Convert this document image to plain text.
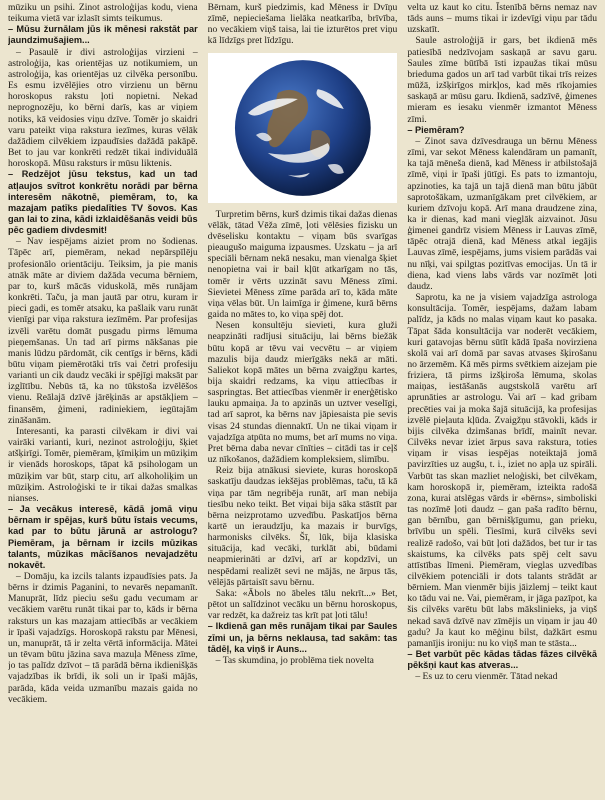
mūziku un psihi. Zinot astroloģijas kodu, viena teikuma vietā var izlasīt simts teikumus.

– Mūsu žurnālam jūs ik mēnesi rakstāt par jaundzimušajiem...

– Pasaulē ir divi astroloģijas virzieni – astroloģija, kas orientējas uz notikumiem, un astroloģija, kas orientējas uz cilvēka personību. Es esmu izvēlējies otro virzienu un bērnu horoskopus rakstu ļoti nopietni. Nekad neprognozēju, ko bērni darīs, kas ar viņiem notiks, kā veidosies viņu dzīve. Tomēr jo skaidri varu pateikt viņa rakstura iezīmes, kuras vēlāk dažādiem cilvēkiem izpaudīsies dažādā pakāpē. Bet to jau var konkrēti redzēt tikai individuālā horoskopā. Mūsu raksturs ir mūsu liktenis.

– Redzējot jūsu tekstus, kad un tad atļaujos svītrot konkrētu norādi par bērna interesēm nākotnē, piemēram, to, ka mazajam patīks piedalīties TV šovos. Kas gan lai to zina, kādi izklaidēšanās veidi būs pēc gadiem divdesmit!

– Nav iespējams aiziet prom no šodienas. Tāpēc arī, piemēram, nekad nepārspīlēju profesionālo orientāciju. Teiksim, ja pie manis atnāk māte ar diviem dažāda vecuma bērniem, par to, kurš mācās viduskolā, mēs runājam konkrēti. Taču, ja man jautā par otru, kuram ir pieci gadi, es tomēr atsaku, ka pašlaik varu runāt vienīgi par viņa rakstura iezīmēm. Par profesijas izvēli varētu domāt pusgadu pirms lēmuma pieņemšanas. Un tad arī pirms nākšanas pie manis lūdzu pārdomāt, cik centīgs ir bērns, kādi būtu viņam piemērotāki trīs vai četri profesiju varianti un cik daudz vecāki ir spējīgi maksāt par izglītību. Nebūs tā, ka no tūkstoša izvēlēšos vienu. Reālajā dzīvē jārēķinās ar apstākļiem – finansēm, ģimeni, radiniekiem, iegūtajām zināšanām.

Interesanti, ka parasti cilvēkam ir divi vai vairāki varianti, kuri, nezinot astroloģiju, šķiet atšķirīgi. Tomēr, piemēram, ķīmiķim un mūziķim ir vienāds horoskops, tāpat kā psihologam un mūziķim var būt, starp citu, arī alkoholiķim un mūziķim. Astroloģiski te ir tikai dažas smalkas nianses.

– Ja vecākus interesē, kādā jomā viņu bērnam ir spējas, kurš būtu īstais vecums, kad par to būtu jārunā ar astrologu? Piemēram, ja bērnam ir izcils mūzikas talants, mūzikas mācīšanos nevajadzētu nokavēt.

– Domāju, ka izcils talants izpaudīsies pats. Ja bērns ir dzimis Paganini, to nevarēs nepamanīt. Manuprāt, līdz pieciu sešu gadu vecumam ar vecākiem varētu runāt tikai par to, kāds ir bērna raksturs un kas mazajam attiecībās ar vecākiem ir īpaši vajadzīgs. Horoskopā rakstu par Mēnesi, un, manuprāt, tā ir zelta vērtā informācija. Mātei un tēvam būtu jāzina sava mazuļa Mēness zīme, jo tas palīdz dzīvot – tā parādā bērna ikdienišķās vajadzības ik brīdi, ik soli un ir īpaši mājās, parāda, kāda veida uzmanību mazais gaida no vecākiem.

Bērnam, kurš piedzimis, kad Mēness ir Dvīņu zīmē, nepieciešama lielāka neatkarība, brīvība, no vecākiem viņš taisa, lai tie izturētos pret viņu kā līdzīgs pret līdzīgu.

Turpretim bērns, kurš dzimis tikai dažas dienas vēlāk, tātad Vēža zīmē, ļoti vēlēsies fizisku un dvēselisku kontaktu – viņam būs svarīgas pieaugušo maiguma izpausmes. Uzskatu – ja arī speciāli bērnam nekā nesaku, man vienalga šķiet nenopietna vai ir bail kļūt atkarīgam no tās, tomēr ir vērts uzzināt savu Mēness zīmi. Sievietei Mēness zīme parāda arī to, kāda māte viņa vēlas būt. Un laimīga ir ģimene, kurā bērns gaida no mātes to, ko viņa spēj dot.

Nesen konsultēju sievieti, kura gluži neapzināti radījusi situāciju, lai bērns biežāk būtu kopā ar tēvu vai vecvētu – ar viņiem mazulis bija daudz mierīgāks nekā ar māti. Saliekot kopā mātes un bērna zvaigžņu kartes, bija skaidri redzams, ka viņu attiecības ir saspringtas. Bet attiecības vienmēr ir enerģētisko lauku apmaiņa. Ja to apzinās un uztver veselīgi, tad arī saprot, ka bērns nav jāpiesaista pie sevis visas 24 stundas diennaktī. Un ne tikai viņam ir vajadzīga atpūta no mums, bet arī mums no viņa. Pret bērna daba nevar cīnīties – citādi tas ir ceļš uz nīkošanos, dažādiem kompleksiem, slimību.

Reiz bija atnākusi sieviete, kuras horoskopā saskatīju daudzas iekšējas problēmas, taču, tā kā viņa par tām negribēja runāt, arī man nebija tiesību neko teikt. Bet viņai bija sāka stāstīt par bērna neizprotamo uzvedību. Paskatījos bērna kartē un ieraudzīju, ka mazais ir burvīgs, harmonisks cilvēks. Šī, lūk, bija klasiska situācija, kad vecāki, turklāt abi, būdami neapmierināti ar dzīvi, arī ar kopdzīvi, un nespēdami realizēt sevi ne mājās, ne ārpus tās, vēlējās pārtaisīt savu bērnu.

Saka: «Ābols no ābeles tālu nekrīt...» Bet, pētot un salīdzinot vecāku un bērnu horoskopus, var redzēt, ka dažreiz tas krīt pat ļoti tālu!

– Ikdienā gan mēs runājam tikai par Saules zīmi un, ja bērns neklausa, tad sakām: tas tādēļ, ka viņš ir Auns...

– Tas skumdina, jo problēma tiek novelta

velta uz kaut ko citu. Īstenībā bērns nemaz nav tāds auns – mums tikai ir izdevīgi viņu par tādu uzskatīt.

Saule astroloģijā ir gars, bet ikdienā mēs patiesībā nedzīvojam saskaņā ar savu garu. Saules zīme būtībā īsti izpaužas tikai mūsu brieduma gados un arī tad varbūt tikai trīs reizes mūžā, izšķirīgos mirkļos, kad mēs rīkojamies saskaņā ar mūsu garu. Ikdienā, sadzīvē, ģimenes mieram es iesaku vienmēr izmantot Mēness zīmi.

– Piemēram?

– Zinot sava dzīvesdrauga un bērnu Mēness zīmi, var sekot Mēness kalendāram un pamanīt, ka tajā mēneša dienā, kad Mēness ir atbilstošajā zīmē, viņi ir īpaši jūtīgi. Es pats to izmantoju, apzinoties, ka tajā un tajā dienā man būtu jābūt saprotošākam, uzmanīgākam pret cilvēkiem, ar kuriem dzīvoju kopā. Arī mana draudzene zina, ka ir dienas, kad mani vieglāk aizvainot. Jūsu ģimenei gandrīz visiem Mēness ir Lauvas zīmē, tāpēc otrajā dienā, kad Mēness atkal iegājis Lauvas zīmē, iespējams, jums visiem parādās vai nu nīķi, vai spilgtas pozitīvas emocijas. Un tā ir diena, kad viens labs vārds var nozīmēt ļoti daudz.

Saprotu, ka ne ja visiem vajadzīga astrologa konsultācija. Tomēr, iespējams, dažam labam palīdz, ja kāds no malas viņam kaut ko pasaka. Tāpat šāda konsultācija var noderēt vecākiem, kuri gatavojas bērnu sūtīt kādā īpaša novirziena skolā vai arī domā par savas atvases šķirošanu no ārzemēm. Kā mēs pirms svētkiem aizejam pie friziera, tā pirms izšķiroša lēmuma, skolas maiņas, iestāšanās augstskolā varētu arī aprunāties ar astrologu. Vai arī – kad gribam precēties vai ja moka šajā situācijā, ka profesijas izvēlē pieļauta kļūda. Zvaigžņu stāvokli, kāds ir bijis cilvēka dzimšanas brīdī, mainīt nevar. Cilvēks nevar iziet ārpus sava rakstura, toties viņam ir visas iespējas noteiktajā jomā pavirzīties uz augšu, t. i., iziet no apļa uz spirāli. Varbūt tas skan mazliet neloģiski, bet cilvēkam, kam horoskopā ir, piemēram, izteikta radošā zona, kurai atslēgas vārds ir «bērns», simboliski tas nozīmē ļoti daudz – gan paša radīto bērnu, gan bērnību, gan bērnišķīgumu, gan prieku, brīvību un spēli. Tiesīmi, kurā cilvēks sevi realizē radošo, vai būt ļoti dažādos, bet tur ir tas skaistums, ka cilvēks pats spēj celt savu attīstības līmeni. Piemēram, vieglas uzvedības cilvēkiem potenciāli ir dots talants strādāt ar bērniem. Man vienmēr bijis jāizlemj – teikt kaut ko tādu vai ne. Vai, piemēram, ir jāga pazīpot, ka šis cilvēks varētu būt labs mākslinieks, ja viņš nekad savā dzīvē nav zīmējis un viņam ir jau 40 gadu? Ja kaut ko mēģinu bilst, dažkārt esmu pamanījis ironiju: nu ko viņš man te stāsta...

– Bet varbūt pēc kādas tādas fāzes cilvēkā pēkšņi kaut kas atveras...

– Es uz to ceru vienmēr. Tātad nekad
